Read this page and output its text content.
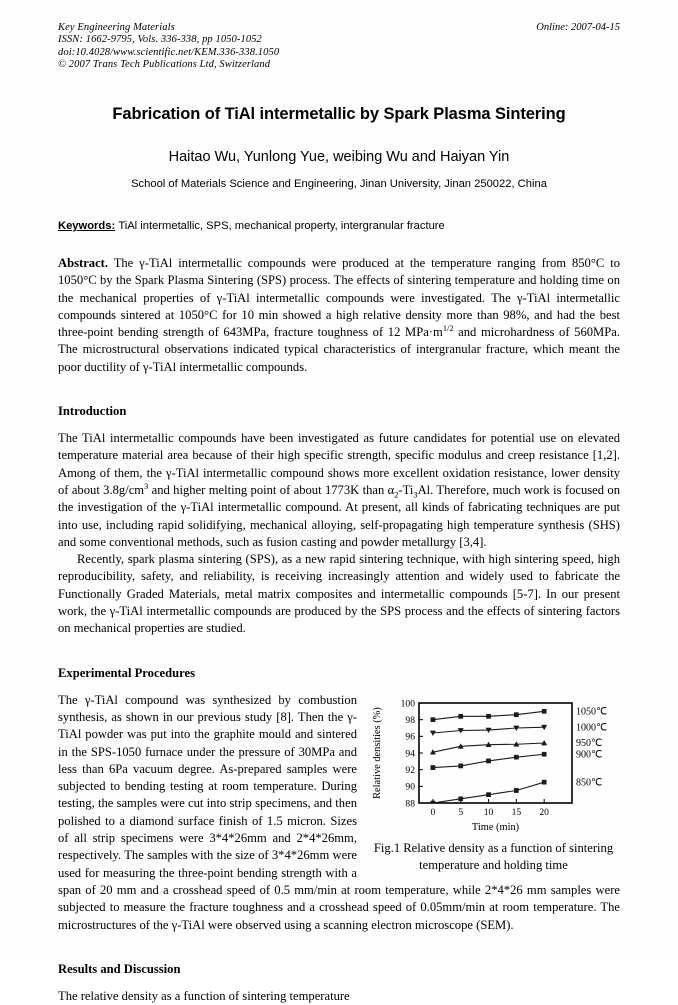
Key Engineering Materials
ISSN: 1662-9795, Vols. 336-338, pp 1050-1052
doi:10.4028/www.scientific.net/KEM.336-338.1050
© 2007 Trans Tech Publications Ltd, Switzerland
Online: 2007-04-15
Fabrication of TiAl intermetallic by Spark Plasma Sintering
Haitao Wu, Yunlong Yue, weibing Wu and Haiyan Yin
School of Materials Science and Engineering, Jinan University, Jinan 250022, China
Keywords: TiAl intermetallic, SPS, mechanical property, intergranular fracture

Abstract. The γ-TiAl intermetallic compounds were produced at the temperature ranging from 850°C to 1050°C by the Spark Plasma Sintering (SPS) process. The effects of sintering temperature and holding time on the mechanical properties of γ-TiAl intermetallic compounds were investigated. The γ-TiAl intermetallic compounds sintered at 1050°C for 10 min showed a high relative density more than 98%, and had the best three-point bending strength of 643MPa, fracture toughness of 12 $MPa\cdot m^{1/2}$ and microhardness of 560MPa. The microstructural observations indicated typical characteristics of intergranular fracture, which meant the poor ductility of γ-TiAl intermetallic compounds.

Introduction

The TiAl intermetallic compounds have been investigated as future candidates for potential use on elevated temperature material area because of their high specific strength, specific modulus and creep resistance [1,2]. Among of them, the γ-TiAl intermetallic compound shows more excellent oxidation resistance, lower density of about $3.8g/cm^3$ and higher melting point of about 1773K than $\alpha_2-Ti_3Al$. Therefore, much work is focused on the investigation of the γ-TiAl intermetallic compound. At present, all kinds of fabricating techniques are put into use, including rapid solidifying, mechanical alloying, self-propagating high temperature synthesis (SHS) and some conventional methods, such as fusion casting and powder metallurgy [3,4].

Recently, spark plasma sintering (SPS), as a new rapid sintering technique, with high sintering speed, high reproducibility, safety, and reliability, is receiving increasingly attention and widely used to fabricate the Functionally Graded Materials, metal matrix composites and intermetallic compounds [5-7]. In our present work, the γ-TiAl intermetallic compounds are produced by the SPS process and the effects of sintering factors on mechanical properties are studied.

Experimental Procedures
88
90
92
94
96
98
100
0 5 10 15 20
Time (min)
Relative densities (%)	1050℃
1000℃
950℃
900℃
850℃
Fig.1 Relative density as a function of sintering temperature and holding time

The γ-TiAl compound was synthesized by combustion synthesis, as shown in our previous study [8]. Then the γ-TiAl powder was put into the graphite mould and sintered in the SPS-1050 furnace under the pressure of 30MPa and less than 6Pa vacuum degree. As-prepared samples were subjected to bending testing at room temperature. During testing, the samples were cut into strip specimens, and then polished to a diamond surface finish of 1.5 micron. Sizes of all strip specimens were 3*4*26mm and 2*4*26mm, respectively. The samples with the size of 3*4*26mm were used for measuring the three-point bending strength with a span of 20 mm and a crosshead speed of 0.5 mm/min at room temperature, while 2*4*26 mm samples were subjected to measure the fracture toughness and a crosshead speed of 0.05mm/min at room temperature. The microstructures of the γ-TiAl were observed using a scanning electron microscope (SEM).

Results and Discussion

The relative density as a function of sintering temperature
